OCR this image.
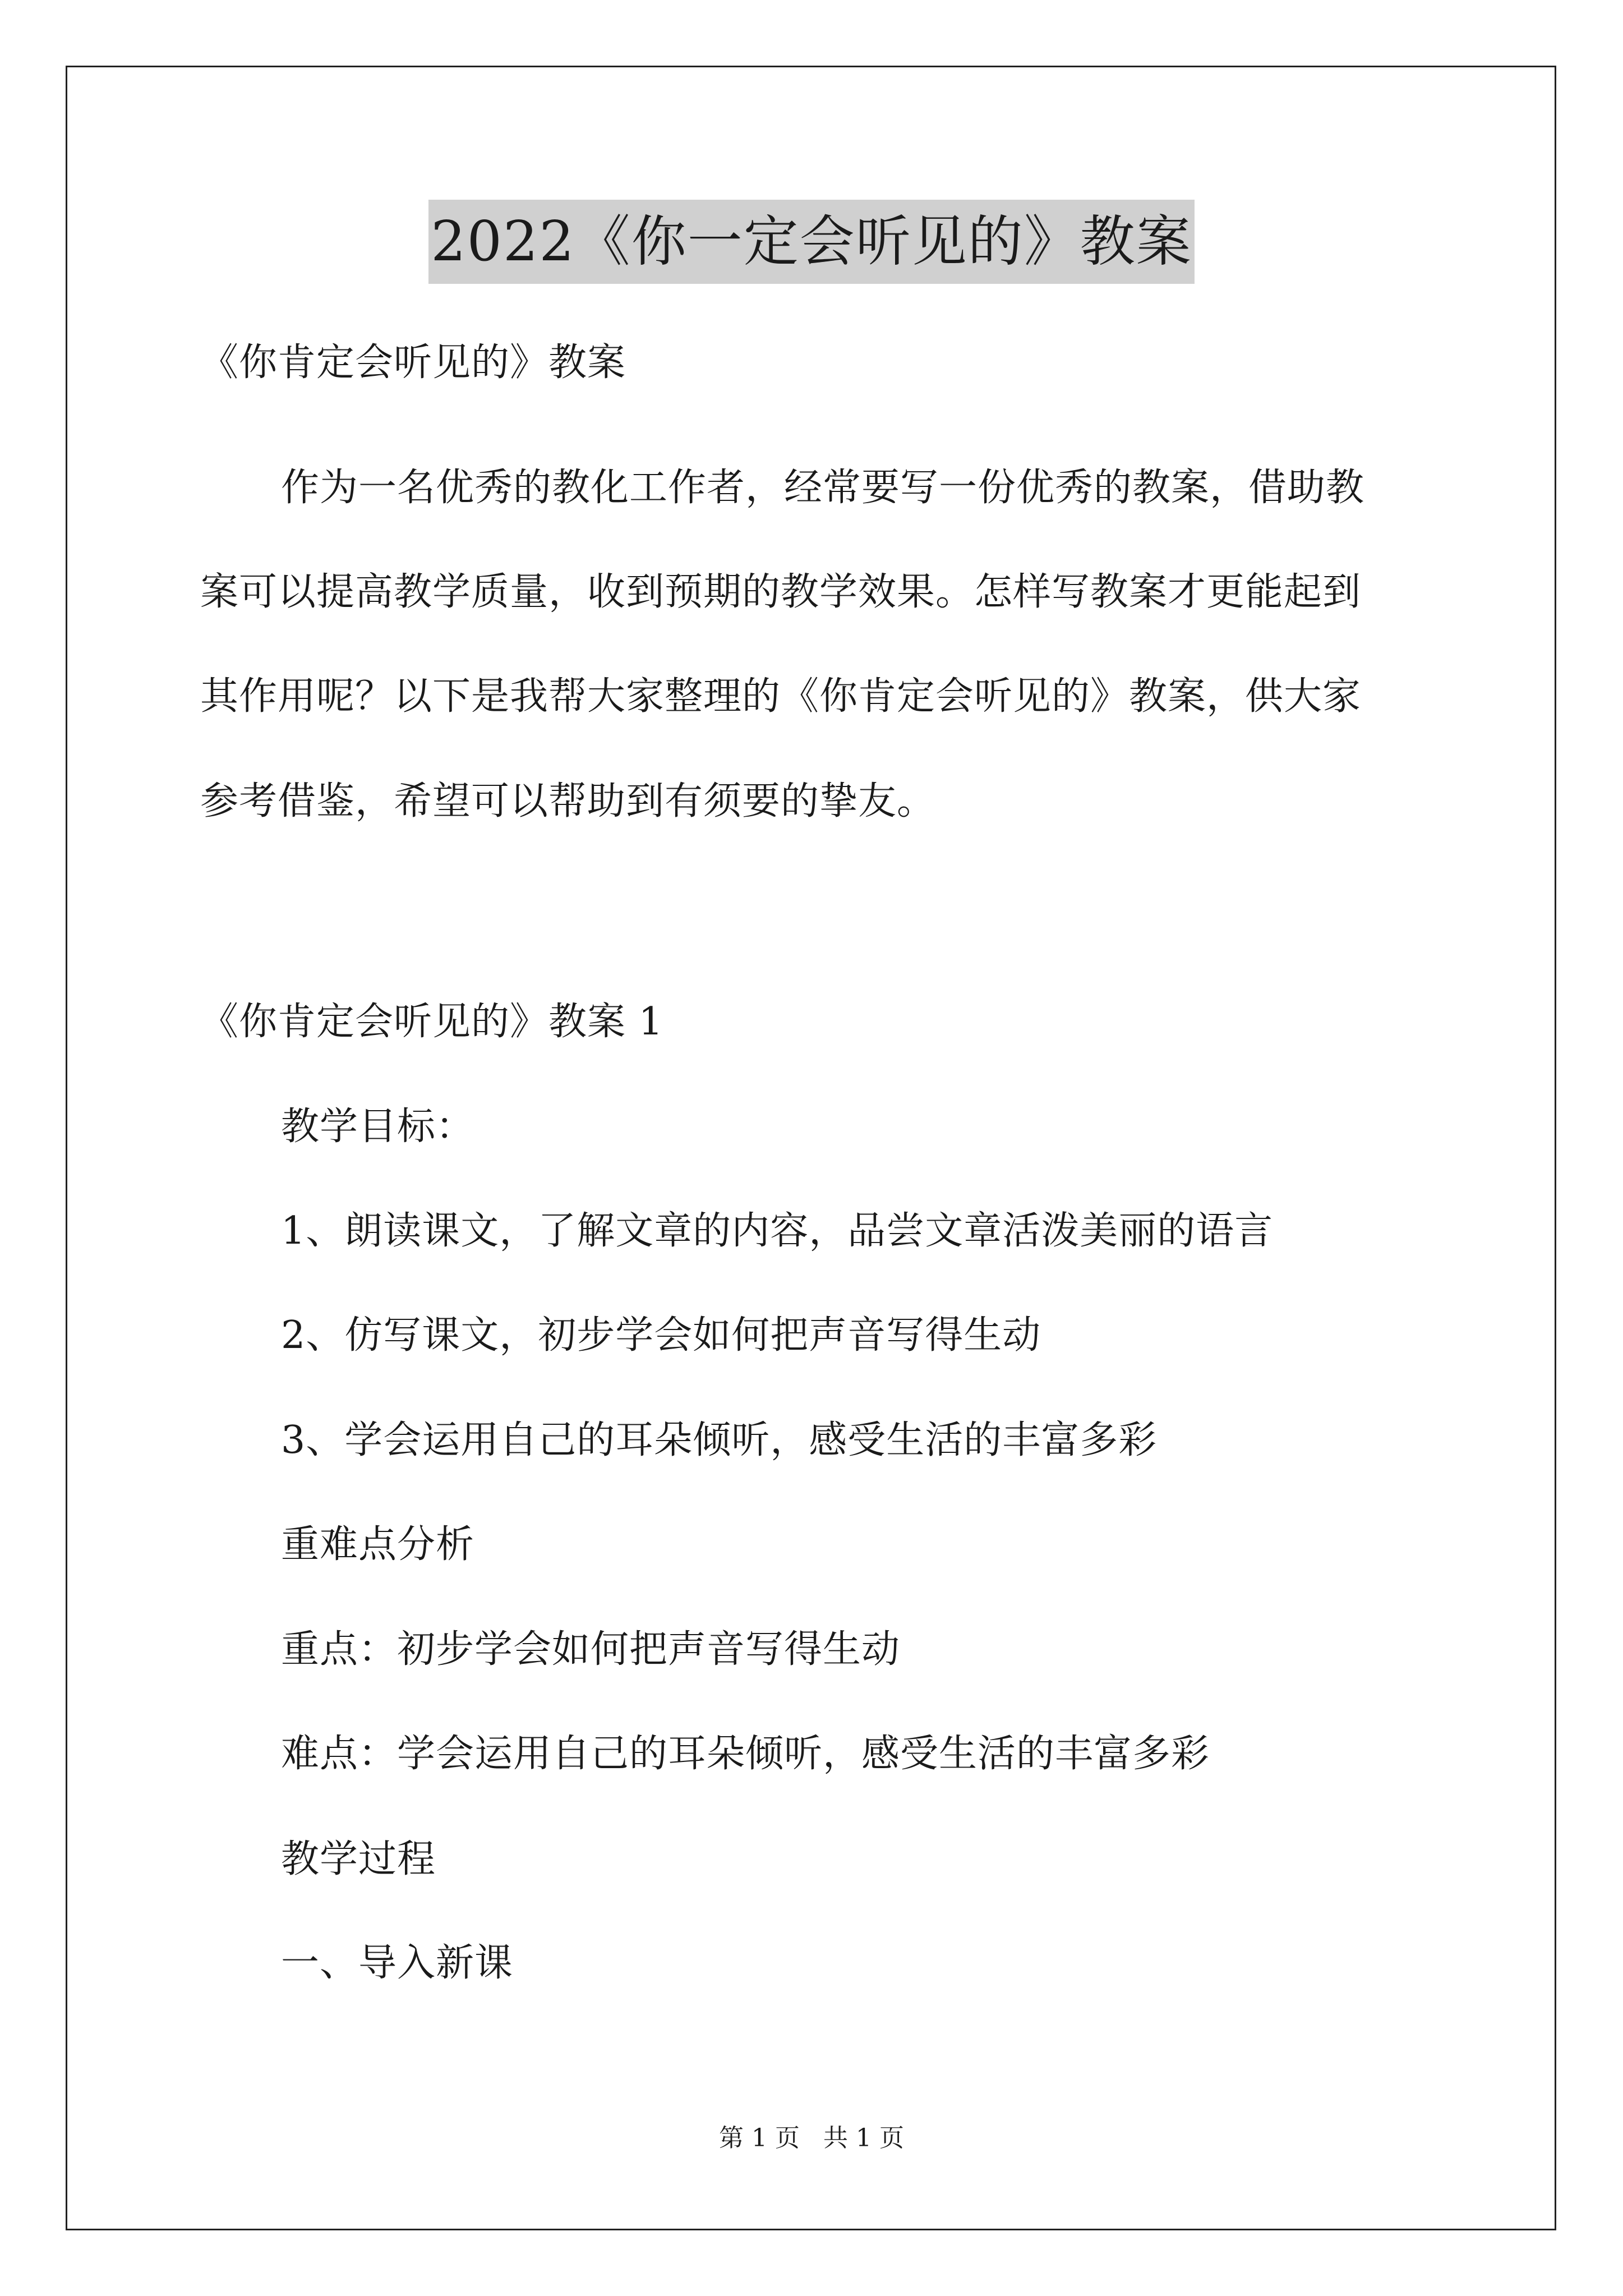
2022《你一定会听见的》教案
《你肯定会听见的》教案
作为一名优秀的教化工作者，经常要写一份优秀的教案，借助教
案可以提高教学质量，收到预期的教学效果。怎样写教案才更能起到
其作用呢？以下是我帮大家整理的《你肯定会听见的》教案，供大家
参考借鉴，希望可以帮助到有须要的挚友。
《你肯定会听见的》教案 1
教学目标：
1、朗读课文，了解文章的内容，品尝文章活泼美丽的语言
2、仿写课文，初步学会如何把声音写得生动
3、学会运用自己的耳朵倾听，感受生活的丰富多彩
重难点分析
重点：初步学会如何把声音写得生动
难点：学会运用自己的耳朵倾听，感受生活的丰富多彩
教学过程
一、导入新课
第 1 页   共 1 页
